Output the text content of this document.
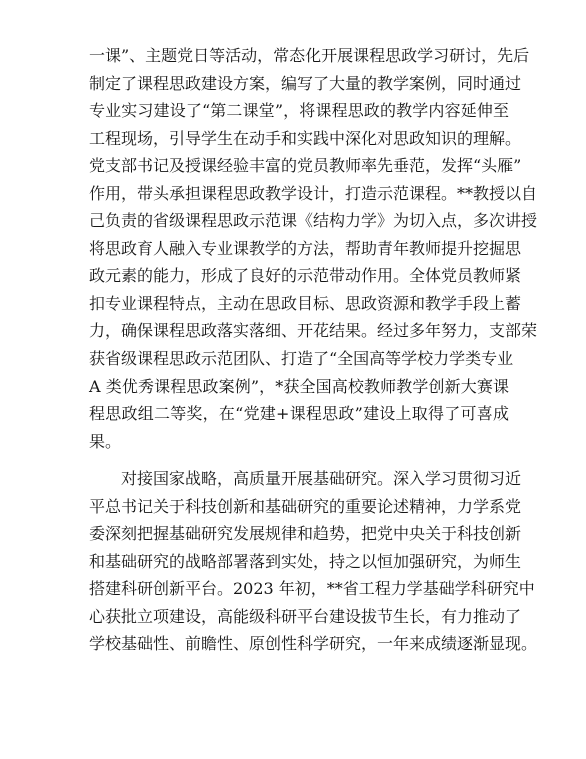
一课”、主题党日等活动，常态化开展课程思政学习研讨，先后
制定了课程思政建设方案，编写了大量的教学案例，同时通过
专业实习建设了“第二课堂”，将课程思政的教学内容延伸至
工程现场，引导学生在动手和实践中深化对思政知识的理解。
党支部书记及授课经验丰富的党员教师率先垂范，发挥“头雁”
作用，带头承担课程思政教学设计，打造示范课程。**教授以自
己负责的省级课程思政示范课《结构力学》为切入点，多次讲授
将思政育人融入专业课教学的方法，帮助青年教师提升挖掘思
政元素的能力，形成了良好的示范带动作用。全体党员教师紧
扣专业课程特点，主动在思政目标、思政资源和教学手段上蓄
力，确保课程思政落实落细、开花结果。经过多年努力，支部荣
获省级课程思政示范团队、打造了“全国高等学校力学类专业
A 类优秀课程思政案例”，*获全国高校教师教学创新大赛课
程思政组二等奖，在“党建+课程思政”建设上取得了可喜成
果。
　　对接国家战略，高质量开展基础研究。深入学习贯彻习近
平总书记关于科技创新和基础研究的重要论述精神，力学系党
委深刻把握基础研究发展规律和趋势，把党中央关于科技创新
和基础研究的战略部署落到实处，持之以恒加强研究，为师生
搭建科研创新平台。2023 年初，**省工程力学基础学科研究中
心获批立项建设，高能级科研平台建设拔节生长，有力推动了
学校基础性、前瞻性、原创性科学研究，一年来成绩逐渐显现。
